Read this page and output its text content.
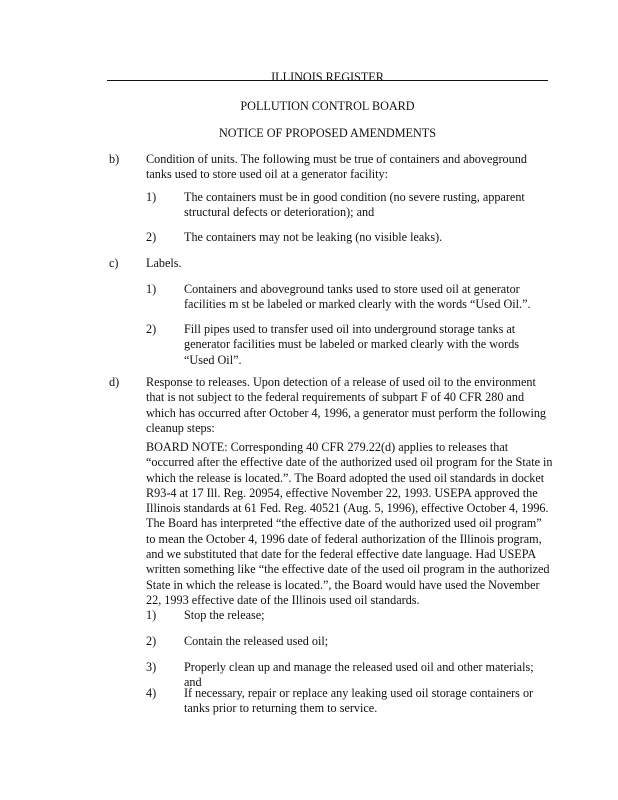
ILLINOIS REGISTER
POLLUTION CONTROL BOARD
NOTICE OF PROPOSED AMENDMENTS
b) Condition of units. The following must be true of containers and aboveground tanks used to store used oil at a generator facility:
1) The containers must be in good condition (no severe rusting, apparent structural defects or deterioration); and
2) The containers may not be leaking (no visible leaks).
c) Labels.
1) Containers and aboveground tanks used to store used oil at generator facilities m st be labeled or marked clearly with the words “Used Oil.”.
2) Fill pipes used to transfer used oil into underground storage tanks at generator facilities must be labeled or marked clearly with the words “Used Oil”.
d) Response to releases. Upon detection of a release of used oil to the environment that is not subject to the federal requirements of subpart F of 40 CFR 280 and which has occurred after October 4, 1996, a generator must perform the following cleanup steps:
BOARD NOTE: Corresponding 40 CFR 279.22(d) applies to releases that “occurred after the effective date of the authorized used oil program for the State in which the release is located.”. The Board adopted the used oil standards in docket R93-4 at 17 Ill. Reg. 20954, effective November 22, 1993. USEPA approved the Illinois standards at 61 Fed. Reg. 40521 (Aug. 5, 1996), effective October 4, 1996. The Board has interpreted “the effective date of the authorized used oil program” to mean the October 4, 1996 date of federal authorization of the Illinois program, and we substituted that date for the federal effective date language. Had USEPA written something like “the effective date of the used oil program in the authorized State in which the release is located.”, the Board would have used the November 22, 1993 effective date of the Illinois used oil standards.
1) Stop the release;
2) Contain the released used oil;
3) Properly clean up and manage the released used oil and other materials; and
4) If necessary, repair or replace any leaking used oil storage containers or tanks prior to returning them to service.
